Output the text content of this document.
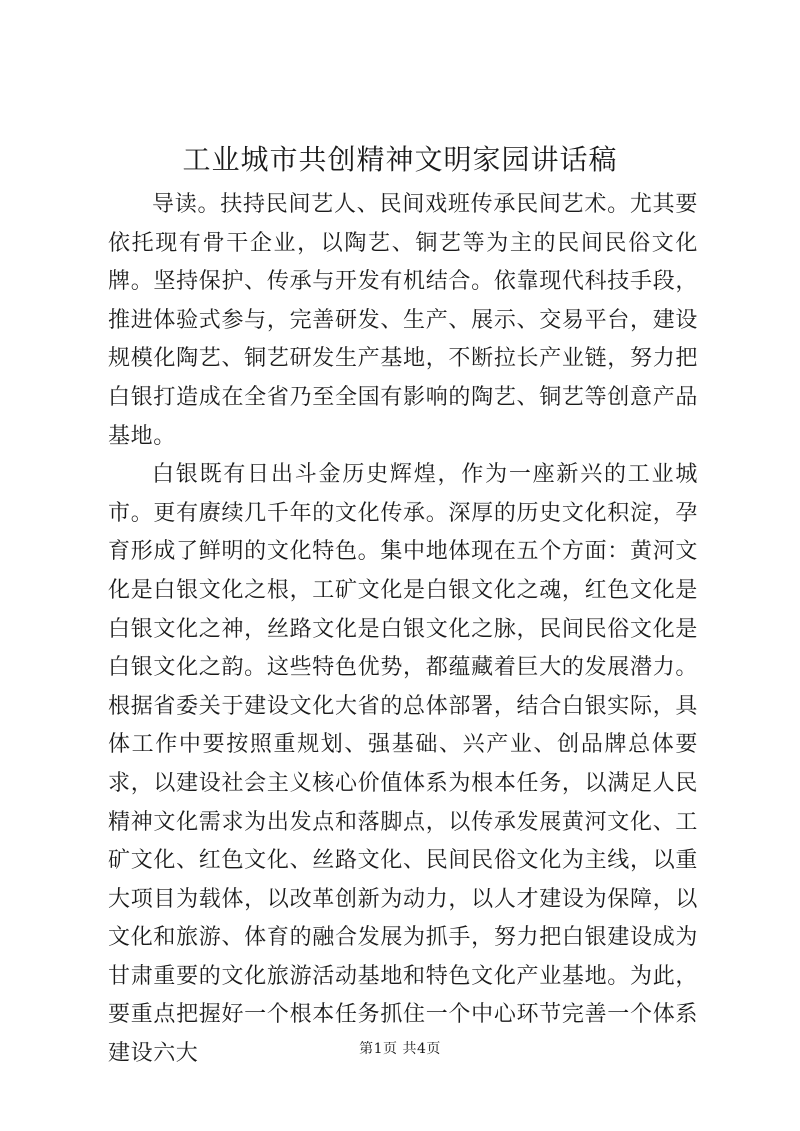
工业城市共创精神文明家园讲话稿

导读。扶持民间艺人、民间戏班传承民间艺术。尤其要依托现有骨干企业，以陶艺、铜艺等为主的民间民俗文化牌。坚持保护、传承与开发有机结合。依靠现代科技手段，推进体验式参与，完善研发、生产、展示、交易平台，建设规模化陶艺、铜艺研发生产基地，不断拉长产业链，努力把白银打造成在全省乃至全国有影响的陶艺、铜艺等创意产品基地。

白银既有日出斗金历史辉煌，作为一座新兴的工业城市。更有赓续几千年的文化传承。深厚的历史文化积淀，孕育形成了鲜明的文化特色。集中地体现在五个方面：黄河文化是白银文化之根，工矿文化是白银文化之魂，红色文化是白银文化之神，丝路文化是白银文化之脉，民间民俗文化是白银文化之韵。这些特色优势，都蕴藏着巨大的发展潜力。根据省委关于建设文化大省的总体部署，结合白银实际，具体工作中要按照重规划、强基础、兴产业、创品牌总体要求，以建设社会主义核心价值体系为根本任务，以满足人民精神文化需求为出发点和落脚点，以传承发展黄河文化、工矿文化、红色文化、丝路文化、民间民俗文化为主线，以重大项目为载体，以改革创新为动力，以人才建设为保障，以文化和旅游、体育的融合发展为抓手，努力把白银建设成为甘肃重要的文化旅游活动基地和特色文化产业基地。为此，要重点把握好一个根本任务抓住一个中心环节完善一个体系建设六大	第1页 共4页
